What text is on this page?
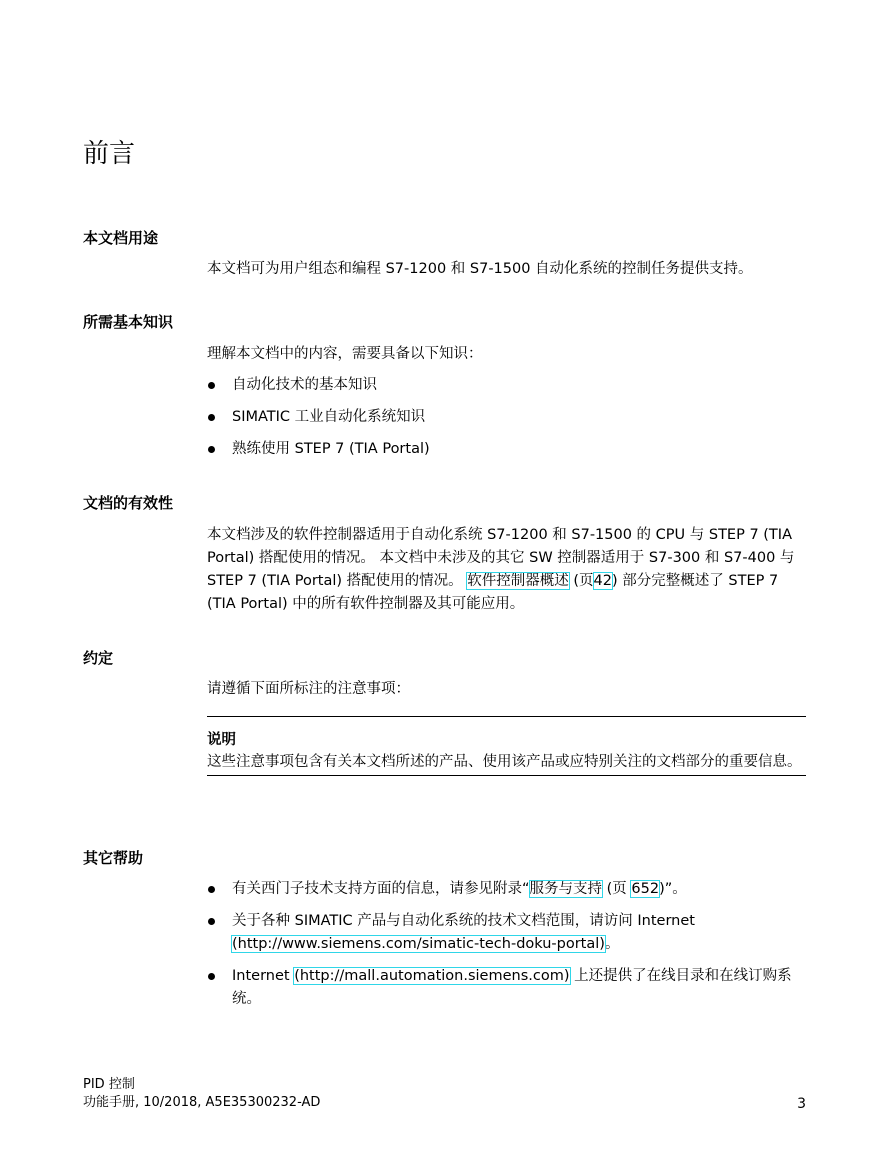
前言
本文档用途

本文档可为用户组态和编程 S7-1200 和 S7-1500 自动化系统的控制任务提供支持。

所需基本知识

理解本文档中的内容，需要具备以下知识：

自动化技术的基本知识
SIMATIC 工业自动化系统知识
熟练使用 STEP 7 (TIA Portal)
文档的有效性

本文档涉及的软件控制器适用于自动化系统 S7-1200 和 S7-1500 的 CPU 与 STEP 7 (TIA Portal) 搭配使用的情况。 本文档中未涉及的其它 SW 控制器适用于 S7-300 和 S7-400 与 STEP 7 (TIA Portal) 搭配使用的情况。 软件控制器概述 (页42) 部分完整概述了 STEP 7 (TIA Portal) 中的所有软件控制器及其可能应用。

约定

请遵循下面所标注的注意事项：

说明

这些注意事项包含有关本文档所述的产品、使用该产品或应特别关注的文档部分的重要信息。

其它帮助
有关西门子技术支持方面的信息，请参见附录“服务与支持 (页 652)”。
关于各种 SIMATIC 产品与自动化系统的技术文档范围，请访问 Internet
(http://www.siemens.com/simatic-tech-doku-portal)。
Internet (http://mall.automation.siemens.com) 上还提供了在线目录和在线订购系统。
PID 控制
功能手册, 10/2018, A5E35300232-AD	3
